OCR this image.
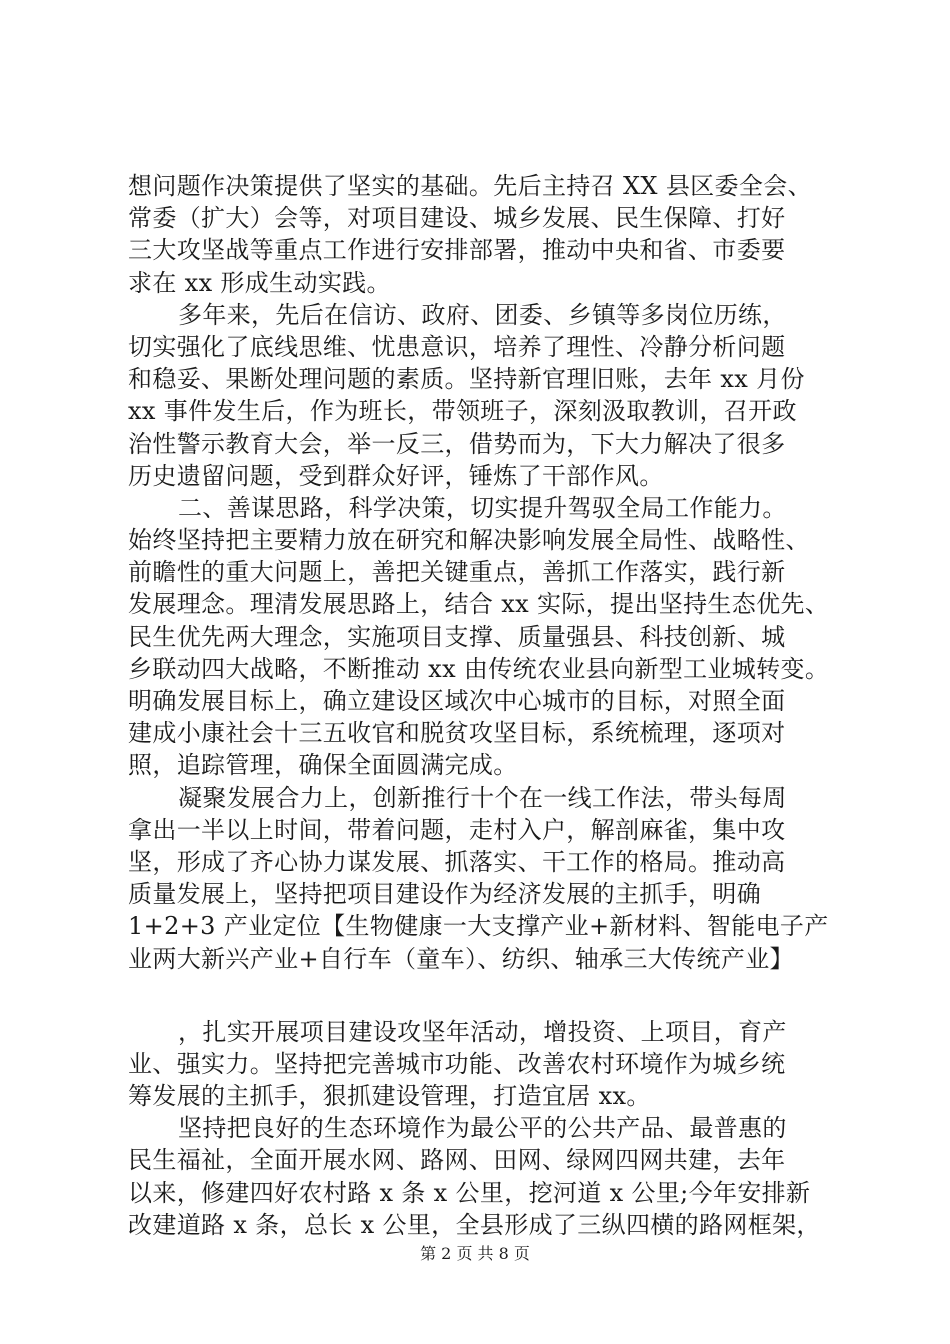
想问题作决策提供了坚实的基础。先后主持召 XX 县区委全会、
常委（扩大）会等，对项目建设、城乡发展、民生保障、打好
三大攻坚战等重点工作进行安排部署，推动中央和省、市委要
求在 xx 形成生动实践。
多年来，先后在信访、政府、团委、乡镇等多岗位历练，
切实强化了底线思维、忧患意识，培养了理性、冷静分析问题
和稳妥、果断处理问题的素质。坚持新官理旧账，去年 xx 月份
xx 事件发生后，作为班长，带领班子，深刻汲取教训，召开政
治性警示教育大会，举一反三，借势而为，下大力解决了很多
历史遗留问题，受到群众好评，锤炼了干部作风。
二、善谋思路，科学决策，切实提升驾驭全局工作能力。
始终坚持把主要精力放在研究和解决影响发展全局性、战略性、
前瞻性的重大问题上，善把关键重点，善抓工作落实，践行新
发展理念。理清发展思路上，结合 xx 实际，提出坚持生态优先、
民生优先两大理念，实施项目支撑、质量强县、科技创新、城
乡联动四大战略，不断推动 xx 由传统农业县向新型工业城转变。
明确发展目标上，确立建设区域次中心城市的目标，对照全面
建成小康社会十三五收官和脱贫攻坚目标，系统梳理，逐项对
照，追踪管理，确保全面圆满完成。
凝聚发展合力上，创新推行十个在一线工作法，带头每周
拿出一半以上时间，带着问题，走村入户，解剖麻雀，集中攻
坚，形成了齐心协力谋发展、抓落实、干工作的格局。推动高
质量发展上，坚持把项目建设作为经济发展的主抓手，明确
1+2+3 产业定位【生物健康一大支撑产业+新材料、智能电子产
业两大新兴产业+自行车（童车）、纺织、轴承三大传统产业】
，扎实开展项目建设攻坚年活动，增投资、上项目，育产
业、强实力。坚持把完善城市功能、改善农村环境作为城乡统
筹发展的主抓手，狠抓建设管理，打造宜居 xx。
坚持把良好的生态环境作为最公平的公共产品、最普惠的
民生福祉，全面开展水网、路网、田网、绿网四网共建，去年
以来，修建四好农村路 x 条 x 公里，挖河道 x 公里;今年安排新
改建道路 x 条，总长 x 公里，全县形成了三纵四横的路网框架，
第 2 页 共 8 页
